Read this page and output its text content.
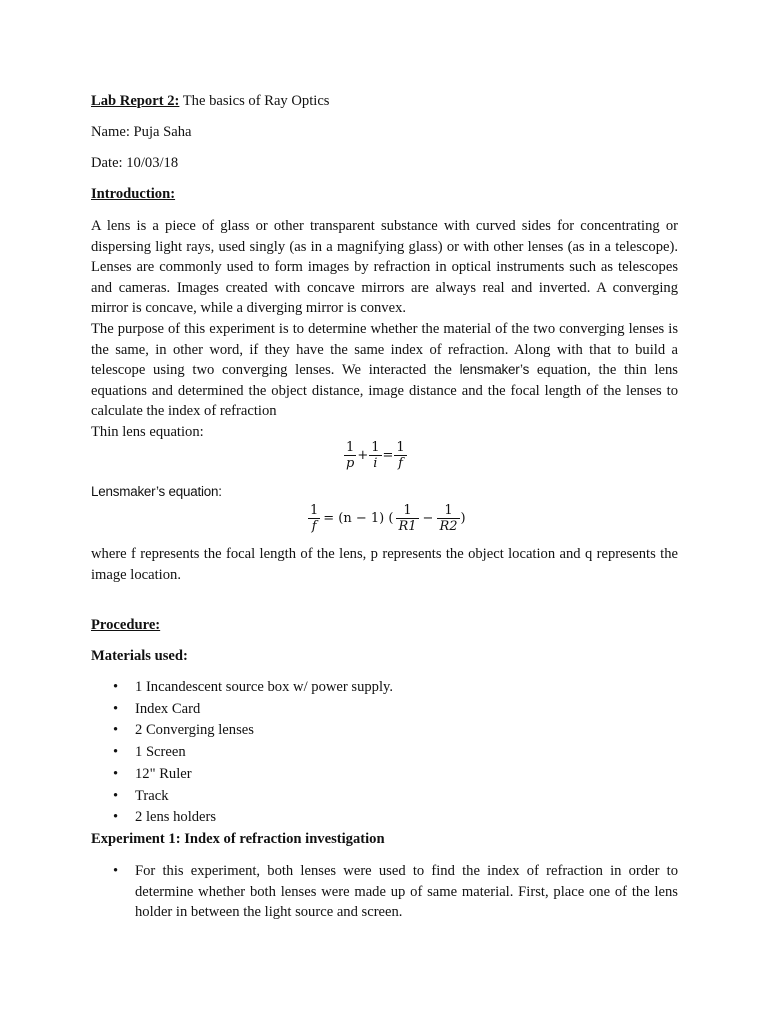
Lab Report 2: The basics of Ray Optics
Name: Puja Saha
Date: 10/03/18
Introduction:

A lens is a piece of glass or other transparent substance with curved sides for concentrating or dispersing light rays, used singly (as in a magnifying glass) or with other lenses (as in a telescope). Lenses are commonly used to form images by refraction in optical instruments such as telescopes and cameras. Images created with concave mirrors are always real and inverted. A converging mirror is concave, while a diverging mirror is convex.

The purpose of this experiment is to determine whether the material of the two converging lenses is the same, in other word, if they have the same index of refraction. Along with that to build a telescope using two converging lenses. We interacted the lensmaker’s equation, the thin lens equations and determined the object distance, image distance and the focal length of the lenses to calculate the index of refraction

Thin lens equation:

$\frac{1}{p} + \frac{1}{i} = \frac{1}{f}$
Lensmaker’s equation:
$\frac{1}{f} = (n - 1)$ ( $\frac{1}{R1} - \frac{1}{R2}$ )
where f represents the focal length of the lens, p represents the object location and q represents the image location.
Procedure:
Materials used:
• 1 Incandescent source box w/ power supply.
• Index Card
• 2 Converging lenses
• 1 Screen
• 12" Ruler
• Track
• 2 lens holders
Experiment 1: Index of refraction investigation
• For this experiment, both lenses were used to find the index of refraction in order to determine whether both lenses were made up of same material. First, place one of the lens holder in between the light source and screen.
